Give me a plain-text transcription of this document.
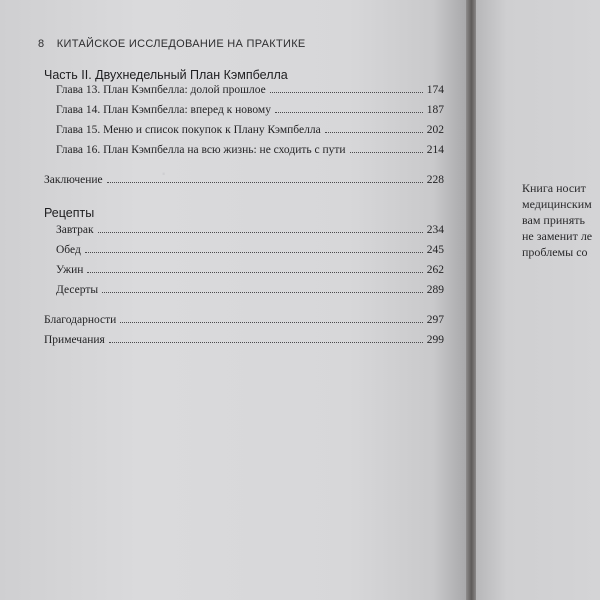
8 КИТАЙСКОЕ ИССЛЕДОВАНИЕ НА ПРАКТИКЕ
·
Часть II. Двухнедельный План Кэмпбелла
Глава 13. План Кэмпбелла: долой прошлое	174
Глава 14. План Кэмпбелла: вперед к новому	187
Глава 15. Меню и список покупок к Плану Кэмпбелла	202
Глава 16. План Кэмпбелла на всю жизнь: не сходить с пути	214
Заключение	228
Рецепты
Завтрак	234
Обед	245
Ужин	262
Десерты	289
Благодарности	297
Примечания	299
Книга носит
медицинским
вам принять
не заменит ле
проблемы со
